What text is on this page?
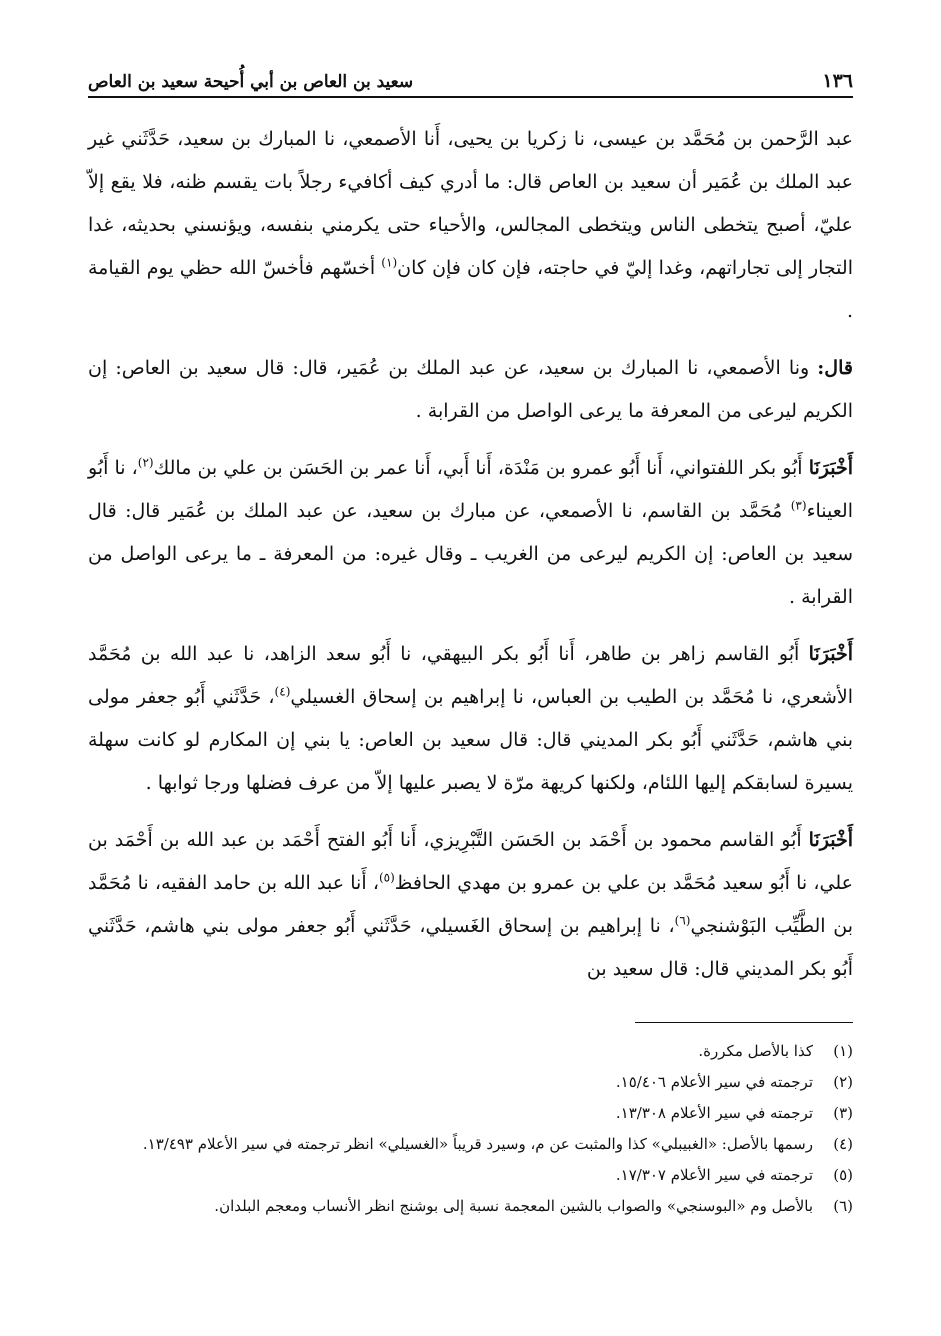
سعيد بن العاص بن أبي أُحيحة سعيد بن العاص	١٣٦

عبد الرَّحمن بن مُحَمَّد بن عيسى، نا زكريا بن يحيى، أَنا الأصمعي، نا المبارك بن سعيد، حَدَّثَني غير عبد الملك بن عُمَير أن سعيد بن العاص قال: ما أدري كيف أكافيء رجلاً بات يقسم ظنه، فلا يقع إلاّ عليّ، أصبح يتخطى الناس ويتخطى المجالس، والأحياء حتى يكرمني بنفسه، ويؤنسني بحديثه، غدا التجار إلى تجاراتهم، وغدا إليّ في حاجته، فإن كان فإن كان$^{(١)}$ أخسّهم فأخسّ الله حظي يوم القيامة .

قال: ونا الأصمعي، نا المبارك بن سعيد، عن عبد الملك بن عُمَير، قال: قال سعيد بن العاص: إن الكريم ليرعى من المعرفة ما يرعى الواصل من القرابة .

أَخْبَرَنَا أَبُو بكر اللفتواني، أَنا أَبُو عمرو بن مَنْدَة، أَنا أَبي، أَنا عمر بن الحَسَن بن علي بن مالك$^{(٢)}$، نا أَبُو العيناء$^{(٣)}$ مُحَمَّد بن القاسم، نا الأصمعي، عن مبارك بن سعيد، عن عبد الملك بن عُمَير قال: قال سعيد بن العاص: إن الكريم ليرعى من الغريب ـ وقال غيره: من المعرفة ـ ما يرعى الواصل من القرابة .

أَخْبَرَنَا أَبُو القاسم زاهر بن طاهر، أَنا أَبُو بكر البيهقي، نا أَبُو سعد الزاهد، نا عبد الله بن مُحَمَّد الأشعري، نا مُحَمَّد بن الطيب بن العباس، نا إبراهيم بن إسحاق الغسيلي$^{(٤)}$، حَدَّثَني أَبُو جعفر مولى بني هاشم، حَدَّثَني أَبُو بكر المديني قال: قال سعيد بن العاص: يا بني إن المكارم لو كانت سهلة يسيرة لسابقكم إليها اللئام، ولكنها كريهة مرّة لا يصبر عليها إلاّ من عرف فضلها ورجا ثوابها .

أَخْبَرَنَا أَبُو القاسم محمود بن أَحْمَد بن الحَسَن التَّبْرِيزي، أَنا أَبُو الفتح أَحْمَد بن عبد الله بن أَحْمَد بن علي، نا أَبُو سعيد مُحَمَّد بن علي بن عمرو بن مهدي الحافظ$^{(٥)}$، أَنا عبد الله بن حامد الفقيه، نا مُحَمَّد بن الطَّيِّب البَوْشنجي$^{(٦)}$، نا إبراهيم بن إسحاق الغَسيلي، حَدَّثَني أَبُو جعفر مولى بني هاشم، حَدَّثَني أَبُو بكر المديني قال: قال سعيد بن

(١)
كذا بالأصل مكررة.
(٢)
ترجمته في سير الأعلام ١٥/٤٠٦.
(٣)
ترجمته في سير الأعلام ١٣/٣٠٨.
(٤)
رسمها بالأصل: «الغبيبلي» كذا والمثبت عن م، وسيرد قريباً «الغسيلي» انظر ترجمته في سير الأعلام ١٣/٤٩٣.
(٥)
ترجمته في سير الأعلام ١٧/٣٠٧.
(٦)
بالأصل وم «البوسنجي» والصواب بالشين المعجمة نسبة إلى بوشنج انظر الأنساب ومعجم البلدان.
